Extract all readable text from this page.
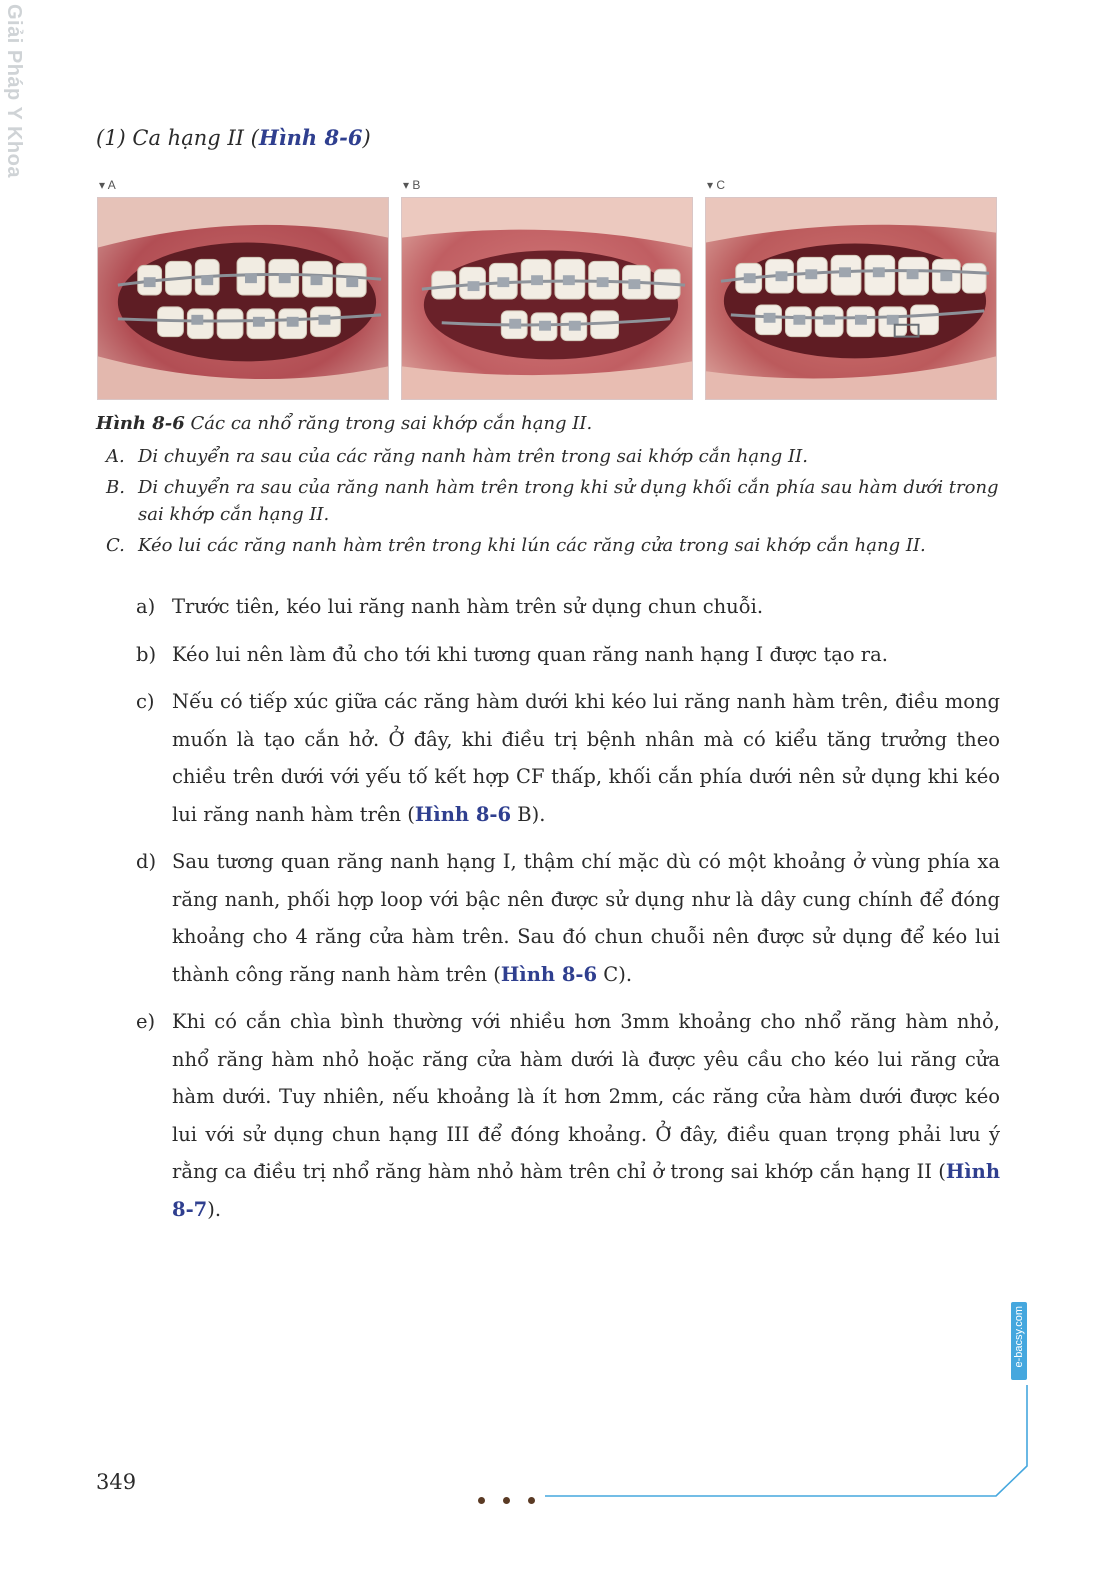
Giải Pháp Y Khoa	(1) Ca hạng II (Hình 8-6)
▾ A	▾ B	▾ C
Hình 8-6 Các ca nhổ răng trong sai khớp cắn hạng II.
A. Di chuyển ra sau của các răng nanh hàm trên trong sai khớp cắn hạng II.
B. Di chuyển ra sau của răng nanh hàm trên trong khi sử dụng khối cắn phía sau hàm dưới trong sai khớp cắn hạng II.
C. Kéo lui các răng nanh hàm trên trong khi lún các răng cửa trong sai khớp cắn hạng II.
a) Trước tiên, kéo lui răng nanh hàm trên sử dụng chun chuỗi.
b) Kéo lui nên làm đủ cho tới khi tương quan răng nanh hạng I được tạo ra.
c) Nếu có tiếp xúc giữa các răng hàm dưới khi kéo lui răng nanh hàm trên, điều mong muốn là tạo cắn hở. Ở đây, khi điều trị bệnh nhân mà có kiểu tăng trưởng theo chiều trên dưới với yếu tố kết hợp CF thấp, khối cắn phía dưới nên sử dụng khi kéo lui răng nanh hàm trên (Hình 8-6 B).
d) Sau tương quan răng nanh hạng I, thậm chí mặc dù có một khoảng ở vùng phía xa răng nanh, phối hợp loop với bậc nên được sử dụng như là dây cung chính để đóng khoảng cho 4 răng cửa hàm trên. Sau đó chun chuỗi nên được sử dụng để kéo lui thành công răng nanh hàm trên (Hình 8-6 C).
e) Khi có cắn chìa bình thường với nhiều hơn 3mm khoảng cho nhổ răng hàm nhỏ, nhổ răng hàm nhỏ hoặc răng cửa hàm dưới là được yêu cầu cho kéo lui răng cửa hàm dưới. Tuy nhiên, nếu khoảng là ít hơn 2mm, các răng cửa hàm dưới được kéo lui với sử dụng chun hạng III để đóng khoảng. Ở đây, điều quan trọng phải lưu ý rằng ca điều trị nhổ răng hàm nhỏ hàm trên chỉ ở trong sai khớp cắn hạng II (Hình 8-7).
e-bacsy.com
349
